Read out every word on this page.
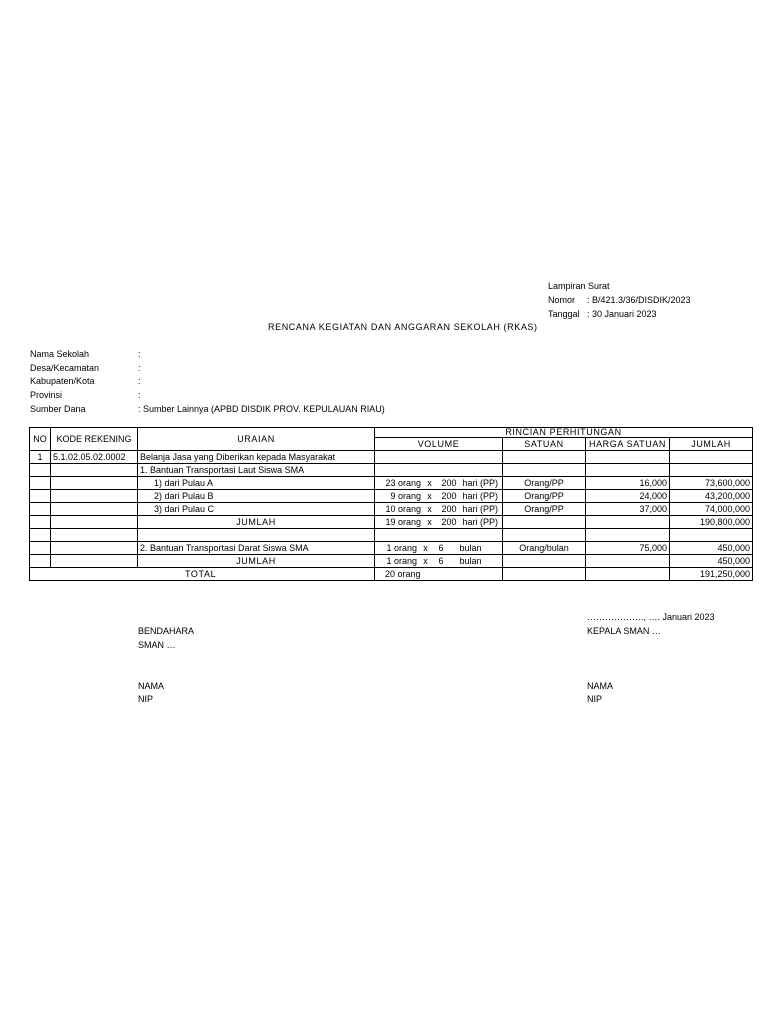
Lampiran Surat
Nomor : B/421.3/36/DISDIK/2023
Tanggal : 30 Januari 2023
RENCANA KEGIATAN DAN ANGGARAN SEKOLAH (RKAS)
Nama Sekolah	:
Desa/Kecamatan	:
Kabupaten/Kota	:
Provinsi	:
Sumber Dana	: Sumber Lainnya (APBD DISDIK PROV. KEPULAUAN RIAU)
NO	KODE REKENING	URAIAN	RINCIAN PERHITUNGAN			
			VOLUME	SATUAN	HARGA SATUAN	JUMLAH
1	5.1.02.05.02.0002	Belanja Jasa yang Diberikan kepada Masyarakat				
		1. Bantuan Transportasi Laut Siswa SMA				
		1) dari Pulau A	23 orang x 200 hari (PP)	Orang/PP	16,000	73,600,000
		2) dari Pulau B	9 orang x 200 hari (PP)	Orang/PP	24,000	43,200,000
		3) dari Pulau C	10 orang x 200 hari (PP)	Orang/PP	37,000	74,000,000
		JUMLAH	19 orang x 200 hari (PP)			190,800,000

		2. Bantuan Transportasi Darat Siswa SMA	1 orang x 6 bulan	Orang/bulan	75,000	450,000
		JUMLAH	1 orang x 6 bulan			450,000
TOTAL			20 orang			191,250,000
………………., …. Januari 2023
BENDAHARA
SMAN …
KEPALA SMAN …
NAMA
NIP
NAMA
NIP
